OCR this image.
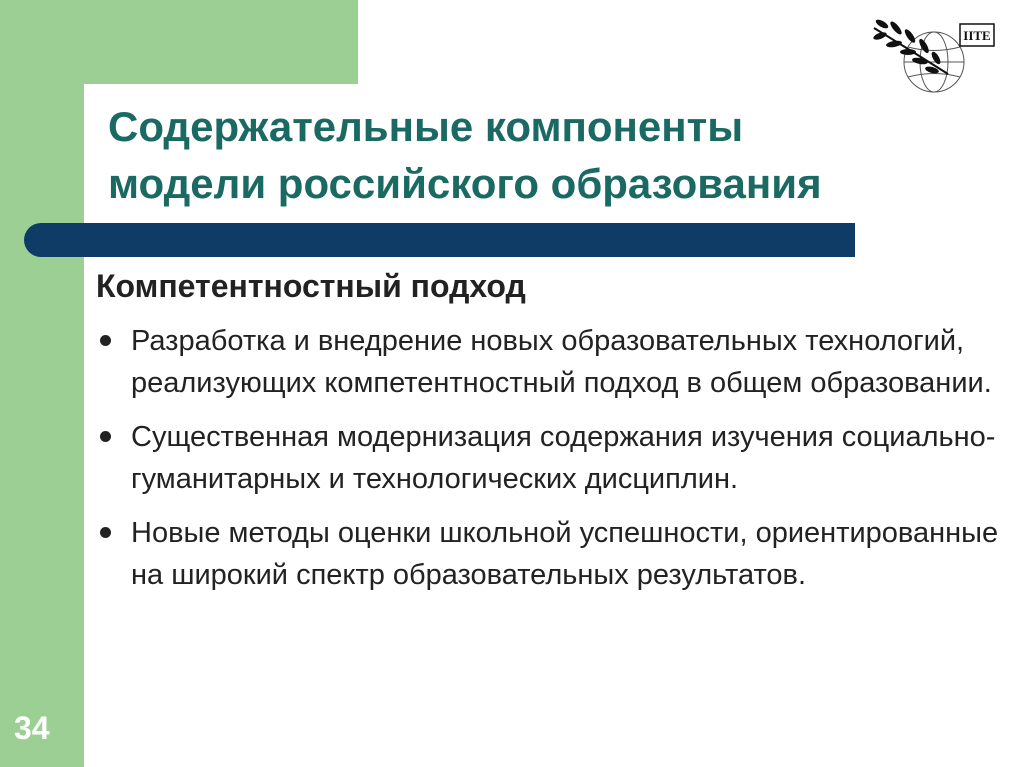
IITE
Содержательные компоненты
модели российского образования
Компетентностный подход
Разработка и внедрение новых образовательных технологий, реализующих компетентностный подход в общем образовании.
Существенная модернизация содержания изучения социально-гуманитарных и технологических дисциплин.
Новые методы оценки школьной успешности, ориентированные на широкий спектр образовательных результатов.
34
